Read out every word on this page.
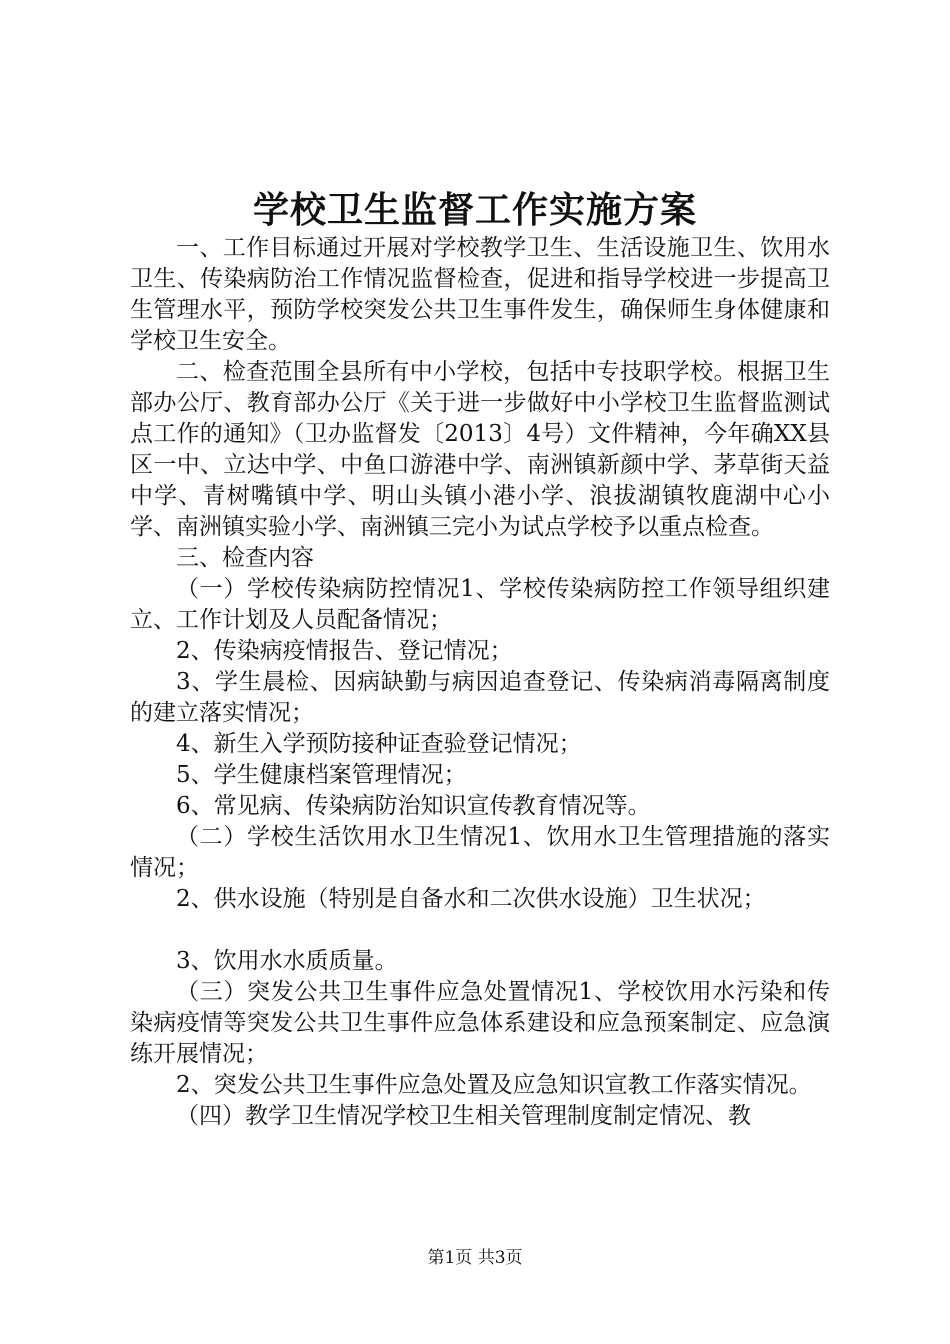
学校卫生监督工作实施方案

一、工作目标通过开展对学校教学卫生、生活设施卫生、饮用水卫生、传染病防治工作情况监督检查，促进和指导学校进一步提高卫生管理水平，预防学校突发公共卫生事件发生，确保师生身体健康和学校卫生安全。

二、检查范围全县所有中小学校，包括中专技职学校。根据卫生部办公厅、教育部办公厅《关于进一步做好中小学校卫生监督监测试点工作的通知》（卫办监督发〔2013〕4号）文件精神，今年确XX县区一中、立达中学、中鱼口游港中学、南洲镇新颜中学、茅草街天益中学、青树嘴镇中学、明山头镇小港小学、浪拔湖镇牧鹿湖中心小学、南洲镇实验小学、南洲镇三完小为试点学校予以重点检查。

三、检查内容

（一）学校传染病防控情况1、学校传染病防控工作领导组织建立、工作计划及人员配备情况；

2、传染病疫情报告、登记情况；

3、学生晨检、因病缺勤与病因追查登记、传染病消毒隔离制度的建立落实情况；

4、新生入学预防接种证查验登记情况；

5、学生健康档案管理情况；

6、常见病、传染病防治知识宣传教育情况等。

（二）学校生活饮用水卫生情况1、饮用水卫生管理措施的落实情况；

2、供水设施（特别是自备水和二次供水设施）卫生状况；

3、饮用水水质质量。

（三）突发公共卫生事件应急处置情况1、学校饮用水污染和传染病疫情等突发公共卫生事件应急体系建设和应急预案制定、应急演练开展情况；

2、突发公共卫生事件应急处置及应急知识宣教工作落实情况。

（四）教学卫生情况学校卫生相关管理制度制定情况、教

第1页 共3页
